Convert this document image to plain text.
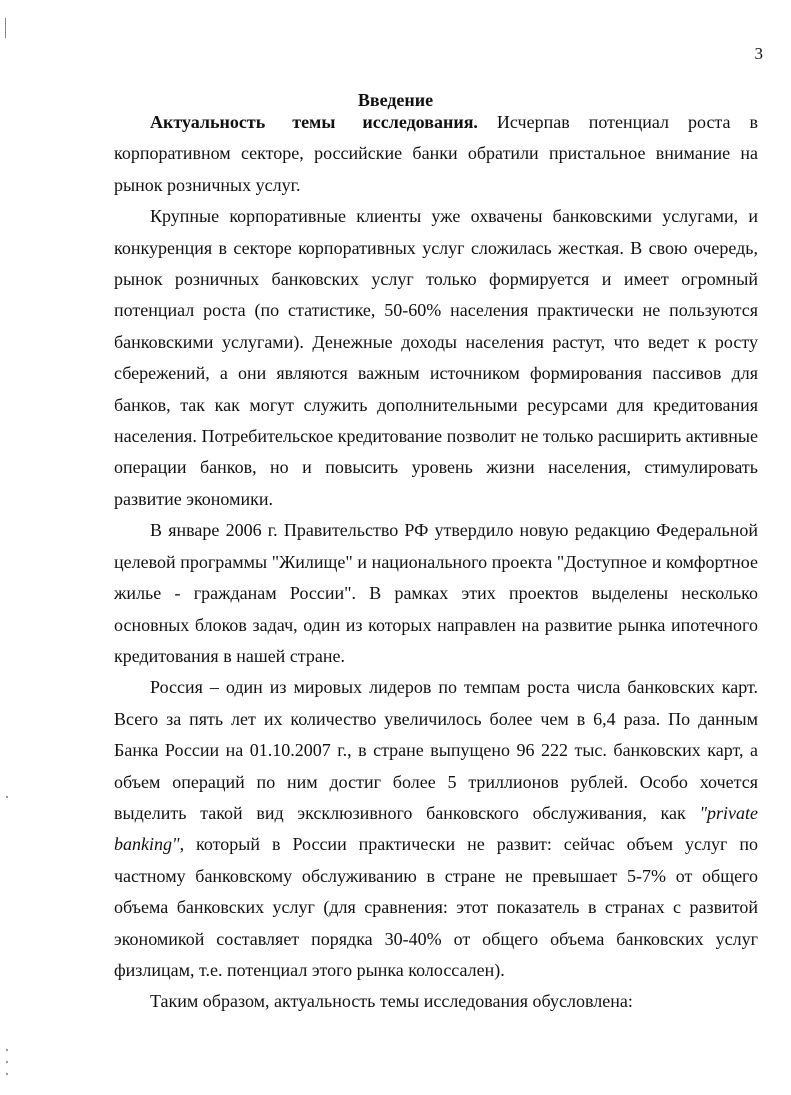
3
Введение

Актуальность темы исследования. Исчерпав потенциал роста в корпоративном секторе, российские банки обратили пристальное внимание на рынок розничных услуг.

Крупные корпоративные клиенты уже охвачены банковскими услугами, и конкуренция в секторе корпоративных услуг сложилась жесткая. В свою очередь, рынок розничных банковских услуг только формируется и имеет огромный потенциал роста (по статистике, 50-60% населения практически не пользуются банковскими услугами). Денежные доходы населения растут, что ведет к росту сбережений, а они являются важным источником формирования пассивов для банков, так как могут служить дополнительными ресурсами для кредитования населения. Потребительское кредитование позволит не только расширить активные операции банков, но и повысить уровень жизни населения, стимулировать развитие экономики.

В январе 2006 г. Правительство РФ утвердило новую редакцию Федеральной целевой программы "Жилище" и национального проекта "Доступное и комфортное жилье - гражданам России". В рамках этих проектов выделены несколько основных блоков задач, один из которых направлен на развитие рынка ипотечного кредитования в нашей стране.

Россия – один из мировых лидеров по темпам роста числа банковских карт. Всего за пять лет их количество увеличилось более чем в 6,4 раза. По данным Банка России на 01.10.2007 г., в стране выпущено 96 222 тыс. банковских карт, а объем операций по ним достиг более 5 триллионов рублей. Особо хочется выделить такой вид эксклюзивного банковского обслуживания, как "private banking", который в России практически не развит: сейчас объем услуг по частному банковскому обслуживанию в стране не превышает 5-7% от общего объема банковских услуг (для сравнения: этот показатель в странах с развитой экономикой составляет порядка 30-40% от общего объема банковских услуг физлицам, т.е. потенциал этого рынка колоссален).

Таким образом, актуальность темы исследования обусловлена:
